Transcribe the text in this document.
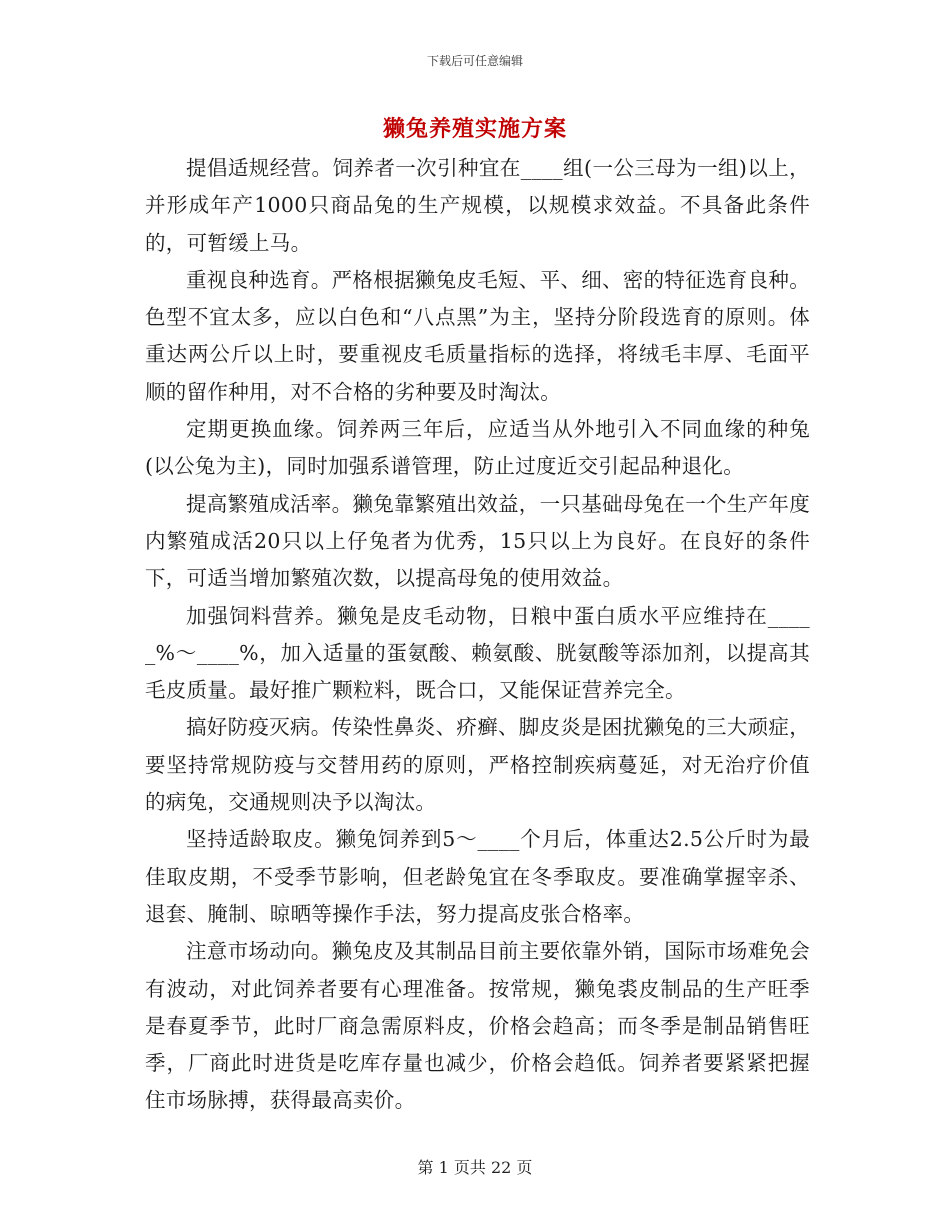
下载后可任意编辑
獭兔养殖实施方案

提倡适规经营。饲养者一次引种宜在____组(一公三母为一组)以上，并形成年产1000只商品兔的生产规模，以规模求效益。不具备此条件的，可暂缓上马。

重视良种选育。严格根据獭兔皮毛短、平、细、密的特征选育良种。色型不宜太多，应以白色和“八点黑”为主，坚持分阶段选育的原则。体重达两公斤以上时，要重视皮毛质量指标的选择，将绒毛丰厚、毛面平顺的留作种用，对不合格的劣种要及时淘汰。

定期更换血缘。饲养两三年后，应适当从外地引入不同血缘的种兔(以公兔为主)，同时加强系谱管理，防止过度近交引起品种退化。

提高繁殖成活率。獭兔靠繁殖出效益，一只基础母兔在一个生产年度内繁殖成活20只以上仔兔者为优秀，15只以上为良好。在良好的条件下，可适当增加繁殖次数，以提高母兔的使用效益。

加强饲料营养。獭兔是皮毛动物，日粮中蛋白质水平应维持在_____%～____%，加入适量的蛋氨酸、赖氨酸、胱氨酸等添加剂，以提高其毛皮质量。最好推广颗粒料，既合口，又能保证营养完全。

搞好防疫灭病。传染性鼻炎、疥癣、脚皮炎是困扰獭兔的三大顽症，要坚持常规防疫与交替用药的原则，严格控制疾病蔓延，对无治疗价值的病兔，交通规则决予以淘汰。

坚持适龄取皮。獭兔饲养到5～____个月后，体重达2.5公斤时为最佳取皮期，不受季节影响，但老龄兔宜在冬季取皮。要准确掌握宰杀、退套、腌制、晾晒等操作手法，努力提高皮张合格率。

注意市场动向。獭兔皮及其制品目前主要依靠外销，国际市场难免会有波动，对此饲养者要有心理准备。按常规，獭兔裘皮制品的生产旺季是春夏季节，此时厂商急需原料皮，价格会趋高；而冬季是制品销售旺季，厂商此时进货是吃库存量也减少，价格会趋低。饲养者要紧紧把握住市场脉搏，获得最高卖价。

第 1 页共 22 页
